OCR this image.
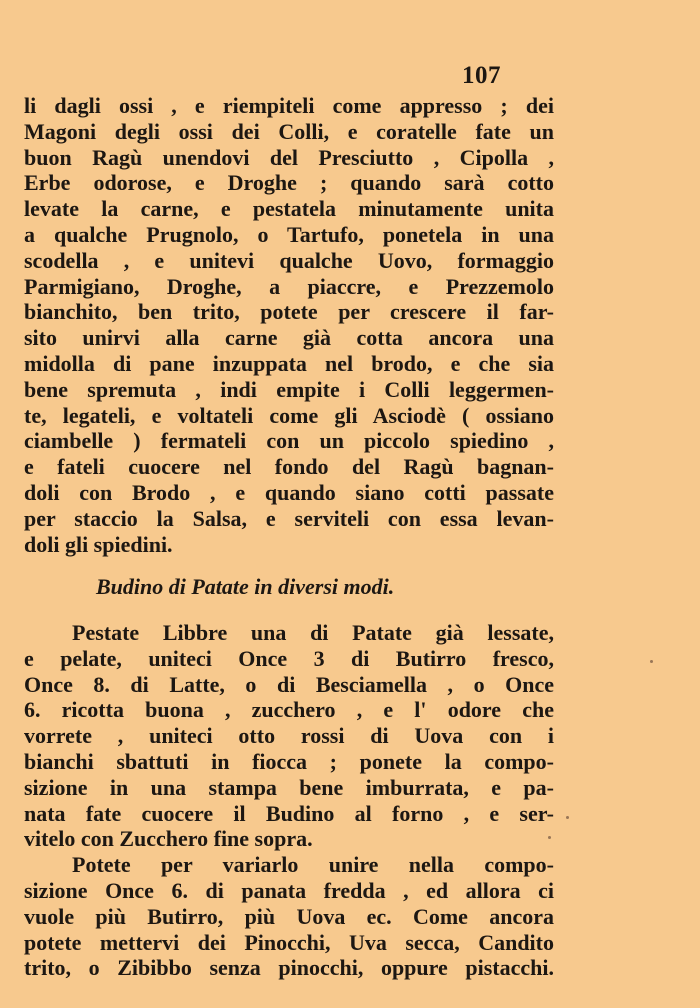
107
li dagli ossi , e riempiteli come appresso ; dei
Magoni degli ossi dei Colli, e coratelle fate un
buon Ragù unendovi del Presciutto , Cipolla ,
Erbe odorose, e Droghe ; quando sarà cotto
levate la carne, e pestatela minutamente unita
a qualche Prugnolo, o Tartufo, ponetela in una
scodella , e unitevi qualche Uovo, formaggio
Parmigiano, Droghe, a piaccre, e Prezzemolo
bianchito, ben trito, potete per crescere il far-
sito unirvi alla carne già cotta ancora una
midolla di pane inzuppata nel brodo, e che sia
bene spremuta , indi empite i Colli leggermen-
te, legateli, e voltateli come gli Asciodè ( ossiano
ciambelle ) fermateli con un piccolo spiedino ,
e fateli cuocere nel fondo del Ragù bagnan-
doli con Brodo , e quando siano cotti passate
per staccio la Salsa, e serviteli con essa levan-
doli gli spiedini.
Budino di Patate in diversi modi.
Pestate Libbre una di Patate già lessate,
e pelate, uniteci Once 3 di Butirro fresco,
Once 8. di Latte, o di Besciamella , o Once
6. ricotta buona , zucchero , e l' odore che
vorrete , uniteci otto rossi di Uova con i
bianchi sbattuti in fiocca ; ponete la compo-
sizione in una stampa bene imburrata, e pa-
nata fate cuocere il Budino al forno , e ser-
vitelo con Zucchero fine sopra.
Potete per variarlo unire nella compo-
sizione Once 6. di panata fredda , ed allora ci
vuole più Butirro, più Uova ec. Come ancora
potete mettervi dei Pinocchi, Uva secca, Candito
trito, o Zibibbo senza pinocchi, oppure pistacchi.
